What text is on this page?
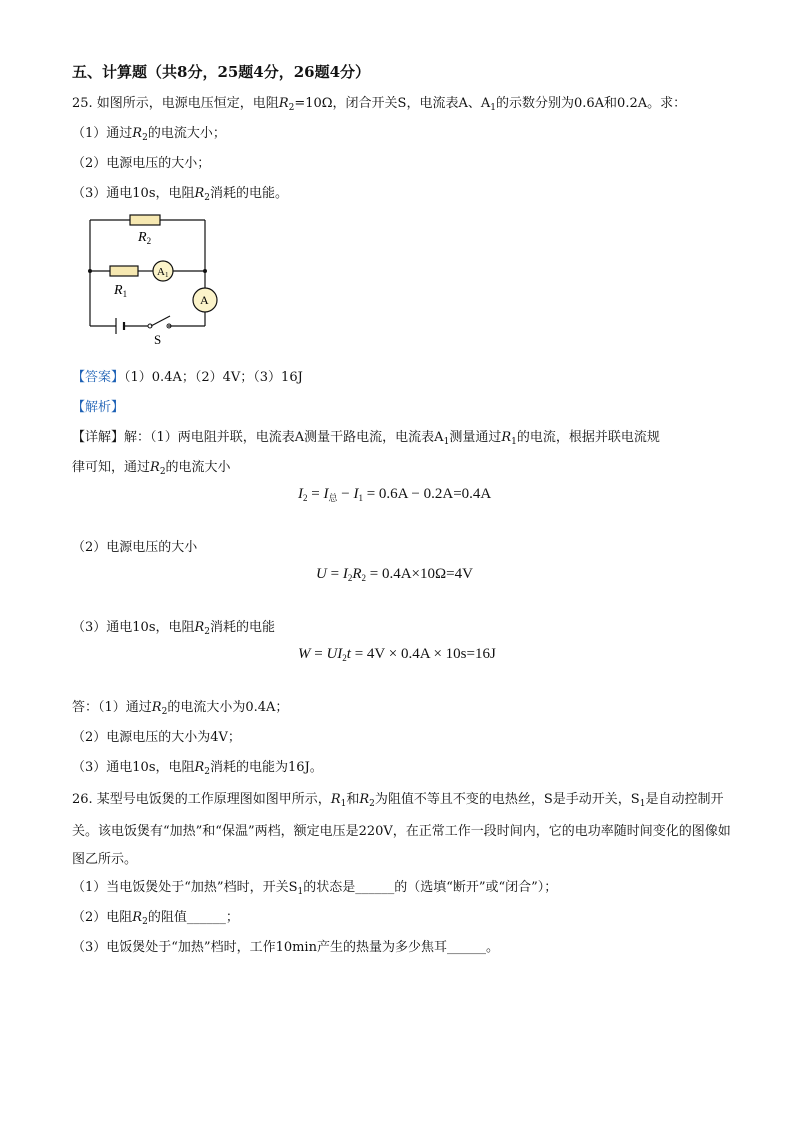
五、计算题（共8分，25题4分，26题4分）
25. 如图所示，电源电压恒定，电阻$R_2=10\Omega$，闭合开关S，电流表A、$A_1$的示数分别为0.6A和0.2A。求：
（1）通过$R_2$的电流大小；
（2）电源电压的大小；
（3）通电10s，电阻$R_2$消耗的电能。
$R_2$
$R_1$
A1
A
S
【答案】（1）0.4A；（2）4V；（3）16J
【解析】
【详解】解：（1）两电阻并联，电流表A测量干路电流，电流表$A_1$测量通过$R_1$的电流，根据并联电流规
律可知，通过$R_2$的电流大小
$I_2 = I_总 - I_1 = 0.6A - 0.2A=0.4A$
（2）电源电压的大小
$U = I_2R_2 = 0.4A\times 10\Omega=4V$
（3）通电10s，电阻$R_2$消耗的电能
$W = UI_2t = 4V \times 0.4A \times 10s=16J$
答：（1）通过$R_2$的电流大小为0.4A；
（2）电源电压的大小为4V；
（3）通电10s，电阻$R_2$消耗的电能为16J。
26. 某型号电饭煲的工作原理图如图甲所示，$R_1$和$R_2$为阻值不等且不变的电热丝，S是手动开关，$S_1$是自动控制开关。该电饭煲有“加热”和“保温”两档，额定电压是220V，在正常工作一段时间内，它的电功率随时间变化的图像如图乙所示。
（1）当电饭煲处于“加热”档时，开关$S_1$的状态是______的（选填“断开”或“闭合”）；
（2）电阻$R_2$的阻值______；
（3）电饭煲处于“加热”档时，工作10min产生的热量为多少焦耳______。
